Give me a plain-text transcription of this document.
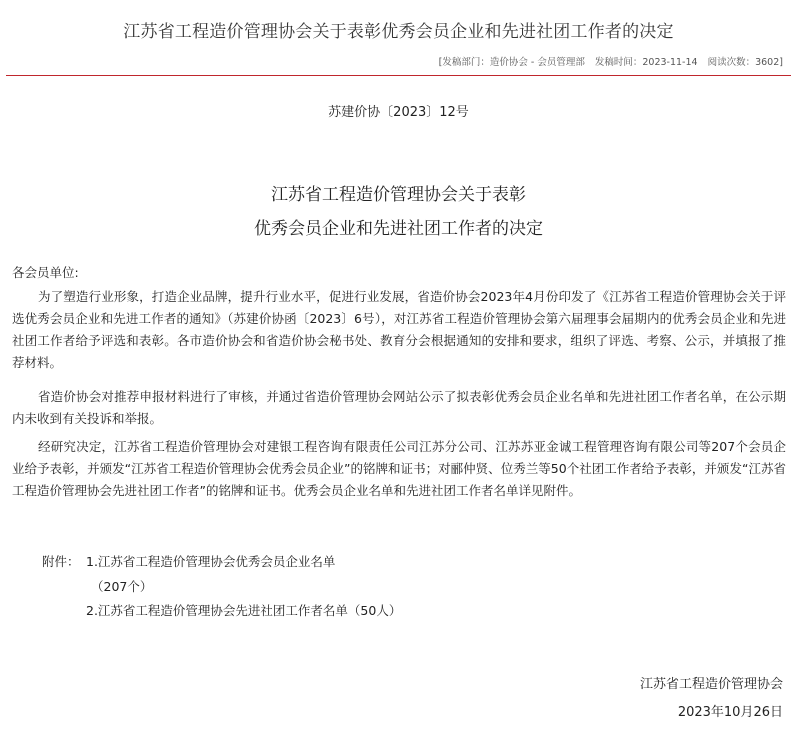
江苏省工程造价管理协会关于表彰优秀会员企业和先进社团工作者的决定
[发稿部门：造价协会 - 会员管理部 发稿时间：2023-11-14 阅读次数：3602]
苏建价协〔2023〕12号
江苏省工程造价管理协会关于表彰
优秀会员企业和先进社团工作者的决定
各会员单位:
为了塑造行业形象，打造企业品牌，提升行业水平，促进行业发展，省造价协会2023年4月份印发了《江苏省工程造价管理协会关于评选优秀会员企业和先进工作者的通知》（苏建价协函〔2023〕6号），对江苏省工程造价管理协会第六届理事会届期内的优秀会员企业和先进社团工作者给予评选和表彰。各市造价协会和省造价协会秘书处、教育分会根据通知的安排和要求，组织了评选、考察、公示，并填报了推荐材料。
省造价协会对推荐申报材料进行了审核，并通过省造价管理协会网站公示了拟表彰优秀会员企业名单和先进社团工作者名单，在公示期内未收到有关投诉和举报。
经研究决定，江苏省工程造价管理协会对建银工程咨询有限责任公司江苏分公司、江苏苏亚金诚工程管理咨询有限公司等207个会员企业给予表彰，并颁发“江苏省工程造价管理协会优秀会员企业”的铭牌和证书；对郦仲贤、位秀兰等50个社团工作者给予表彰，并颁发“江苏省工程造价管理协会先进社团工作者”的铭牌和证书。优秀会员企业名单和先进社团工作者名单详见附件。
附件： 1.江苏省工程造价管理协会优秀会员企业名单
（207个）
2.江苏省工程造价管理协会先进社团工作者名单（50人）
江苏省工程造价管理协会
2023年10月26日
